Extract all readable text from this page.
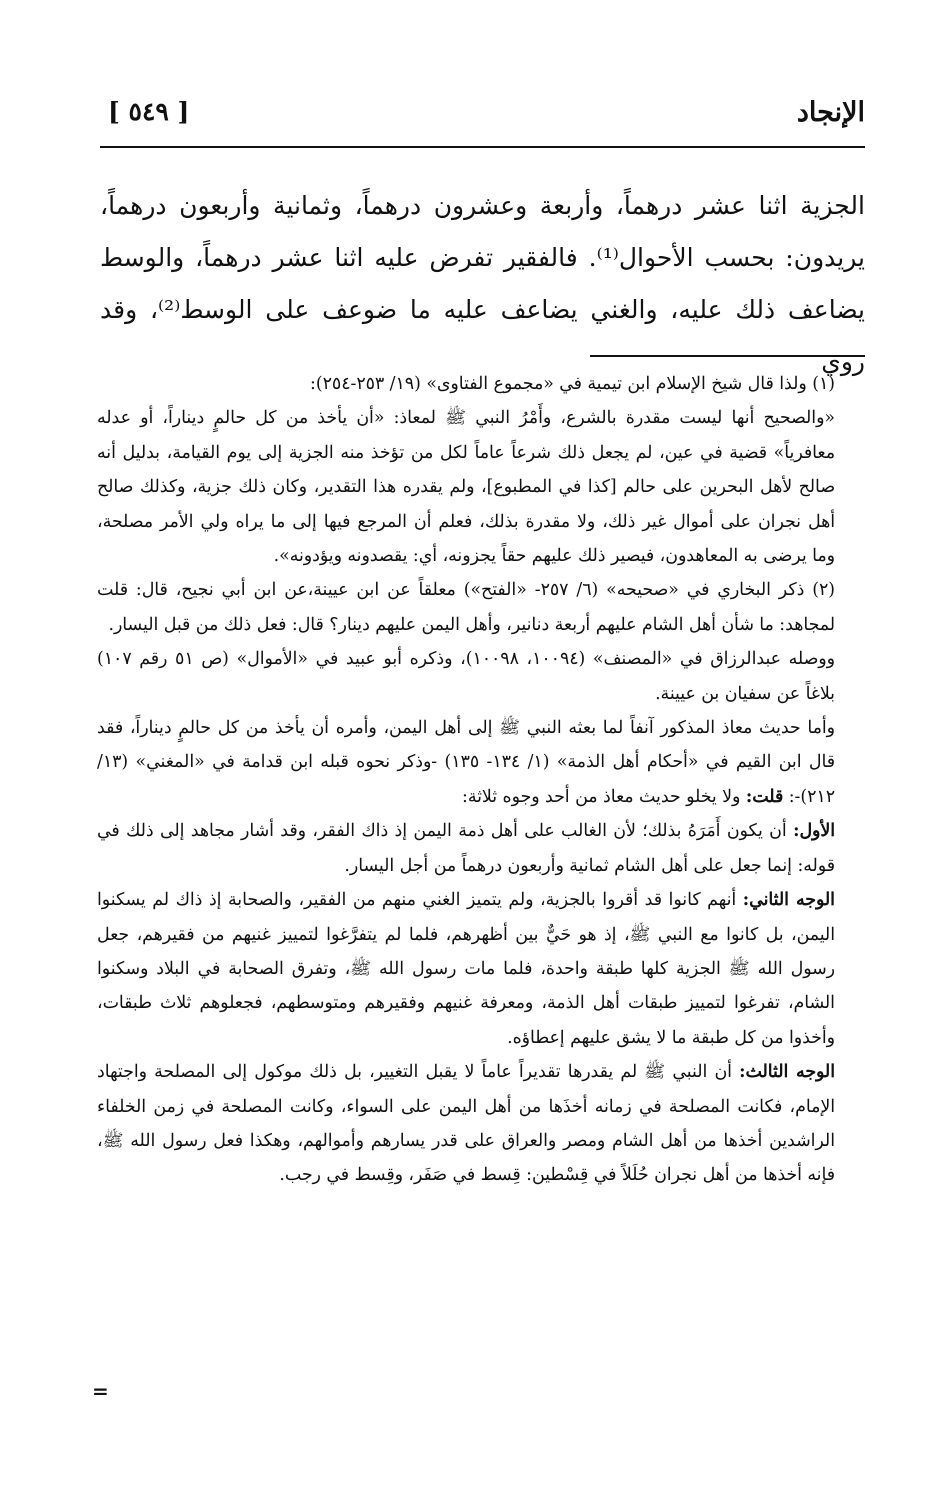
الإنجاد
[ ٥٤٩ ]

الجزية اثنا عشر درهماً، وأربعة وعشرون درهماً، وثمانية وأربعون درهماً، يريدون: بحسب الأحوال⁽¹⁾. فالفقير تفرض عليه اثنا عشر درهماً، والوسط يضاعف ذلك عليه، والغني يضاعف عليه ما ضوعف على الوسط⁽²⁾، وقد روي

(١) ولذا قال شيخ الإسلام ابن تيمية في «مجموع الفتاوى» (١٩/ ٢٥٣-٢٥٤):

«والصحيح أنها ليست مقدرة بالشرع، وأَمْرُ النبي ﷺ لمعاذ: «أن يأخذ من كل حالمٍ ديناراً، أو عدله معافرياً» قضية في عين، لم يجعل ذلك شرعاً عاماً لكل من تؤخذ منه الجزية إلى يوم القيامة، بدليل أنه صالح لأهل البحرين على حالم [كذا في المطبوع]، ولم يقدره هذا التقدير، وكان ذلك جزية، وكذلك صالح أهل نجران على أموال غير ذلك، ولا مقدرة بذلك، فعلم أن المرجع فيها إلى ما يراه ولي الأمر مصلحة، وما يرضى به المعاهدون، فيصير ذلك عليهم حقاً يجزونه، أي: يقصدونه ويؤدونه».

(٢) ذكر البخاري في «صحيحه» (٦/ ٢٥٧- «الفتح») معلقاً عن ابن عيينة،عن ابن أبي نجيح، قال: قلت لمجاهد: ما شأن أهل الشام عليهم أربعة دنانير، وأهل اليمن عليهم دينار؟ قال: فعل ذلك من قبل اليسار.

ووصله عبدالرزاق في «المصنف» (١٠٠٩٤، ١٠٠٩٨)، وذكره أبو عبيد في «الأموال» (ص ٥١ رقم ١٠٧) بلاغاً عن سفيان بن عيينة.

وأما حديث معاذ المذكور آنفاً لما بعثه النبي ﷺ إلى أهل اليمن، وأمره أن يأخذ من كل حالمٍ ديناراً، فقد قال ابن القيم في «أحكام أهل الذمة» (١/ ١٣٤- ١٣٥) -وذكر نحوه قبله ابن قدامة في «المغني» (١٣/ ٢١٢)-: قلت: ولا يخلو حديث معاذ من أحد وجوه ثلاثة:

الأول: أن يكون أَمَرَهُ بذلك؛ لأن الغالب على أهل ذمة اليمن إذ ذاك الفقر، وقد أشار مجاهد إلى ذلك في قوله: إنما جعل على أهل الشام ثمانية وأربعون درهماً من أجل اليسار.

الوجه الثاني: أنهم كانوا قد أقروا بالجزية، ولم يتميز الغني منهم من الفقير، والصحابة إذ ذاك لم يسكنوا اليمن، بل كانوا مع النبي ﷺ، إذ هو حَيٌّ بين أظهرهم، فلما لم يتفرَّغوا لتمييز غنيهم من فقيرهم، جعل رسول الله ﷺ الجزية كلها طبقة واحدة، فلما مات رسول الله ﷺ، وتفرق الصحابة في البلاد وسكنوا الشام، تفرغوا لتمييز طبقات أهل الذمة، ومعرفة غنيهم وفقيرهم ومتوسطهم، فجعلوهم ثلاث طبقات، وأخذوا من كل طبقة ما لا يشق عليهم إعطاؤه.

الوجه الثالث: أن النبي ﷺ لم يقدرها تقديراً عاماً لا يقبل التغيير، بل ذلك موكول إلى المصلحة واجتهاد الإمام، فكانت المصلحة في زمانه أخذَها من أهل اليمن على السواء، وكانت المصلحة في زمن الخلفاء الراشدين أخذها من أهل الشام ومصر والعراق على قدر يسارهم وأموالهم، وهكذا فعل رسول الله ﷺ، فإنه أخذها من أهل نجران حُلَلاً في قِسْطين: قِسط في صَفَر، وقِسط في رجب.

=
